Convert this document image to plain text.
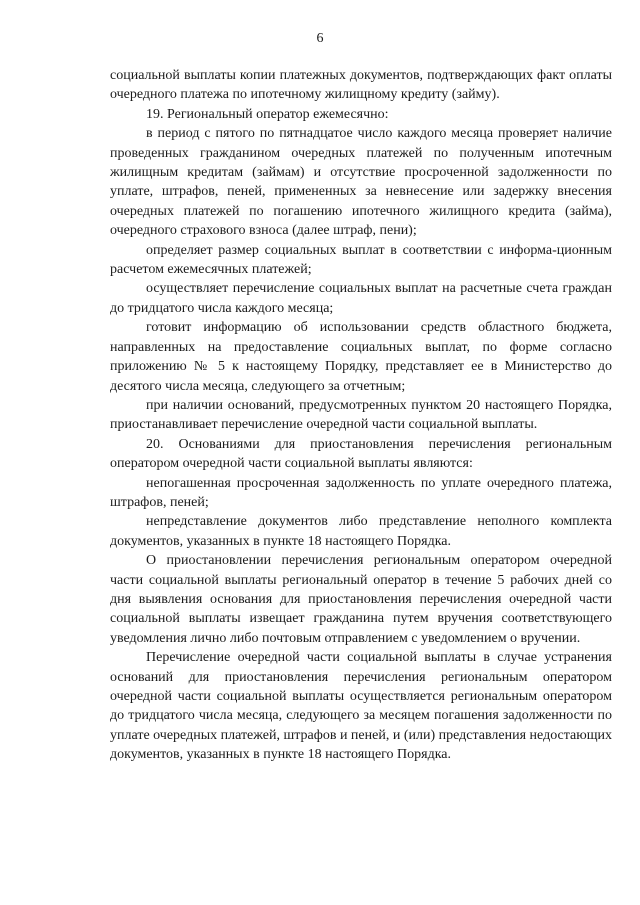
6

социальной выплаты копии платежных документов, подтверждающих факт оплаты очередного платежа по ипотечному жилищному кредиту (займу).

19. Региональный оператор ежемесячно:

в период с пятого по пятнадцатое число каждого месяца проверяет наличие проведенных гражданином очередных платежей по полученным ипотечным жилищным кредитам (займам) и отсутствие просроченной задолженности по уплате, штрафов, пеней, примененных за невнесение или задержку внесения очередных платежей по погашению ипотечного жилищного кредита (займа), очередного страхового взноса (далее штраф, пени);

определяет размер социальных выплат в соответствии с информа-ционным расчетом ежемесячных платежей;

осуществляет перечисление социальных выплат на расчетные счета граждан до тридцатого числа каждого месяца;

готовит информацию об использовании средств областного бюджета, направленных на предоставление социальных выплат, по форме согласно приложению № 5 к настоящему Порядку, представляет ее в Министерство до десятого числа месяца, следующего за отчетным;

при наличии оснований, предусмотренных пунктом 20 настоящего Порядка, приостанавливает перечисление очередной части социальной выплаты.

20. Основаниями для приостановления перечисления региональным оператором очередной части социальной выплаты являются:

непогашенная просроченная задолженность по уплате очередного платежа, штрафов, пеней;

непредставление документов либо представление неполного комплекта документов, указанных в пункте 18 настоящего Порядка.

О приостановлении перечисления региональным оператором очередной части социальной выплаты региональный оператор в течение 5 рабочих дней со дня выявления основания для приостановления перечисления очередной части социальной выплаты извещает гражданина путем вручения соответствующего уведомления лично либо почтовым отправлением с уведомлением о вручении.

Перечисление очередной части социальной выплаты в случае устранения оснований для приостановления перечисления региональным оператором очередной части социальной выплаты осуществляется региональным оператором до тридцатого числа месяца, следующего за месяцем погашения задолженности по уплате очередных платежей, штрафов и пеней, и (или) представления недостающих документов, указанных в пункте 18 настоящего Порядка.
